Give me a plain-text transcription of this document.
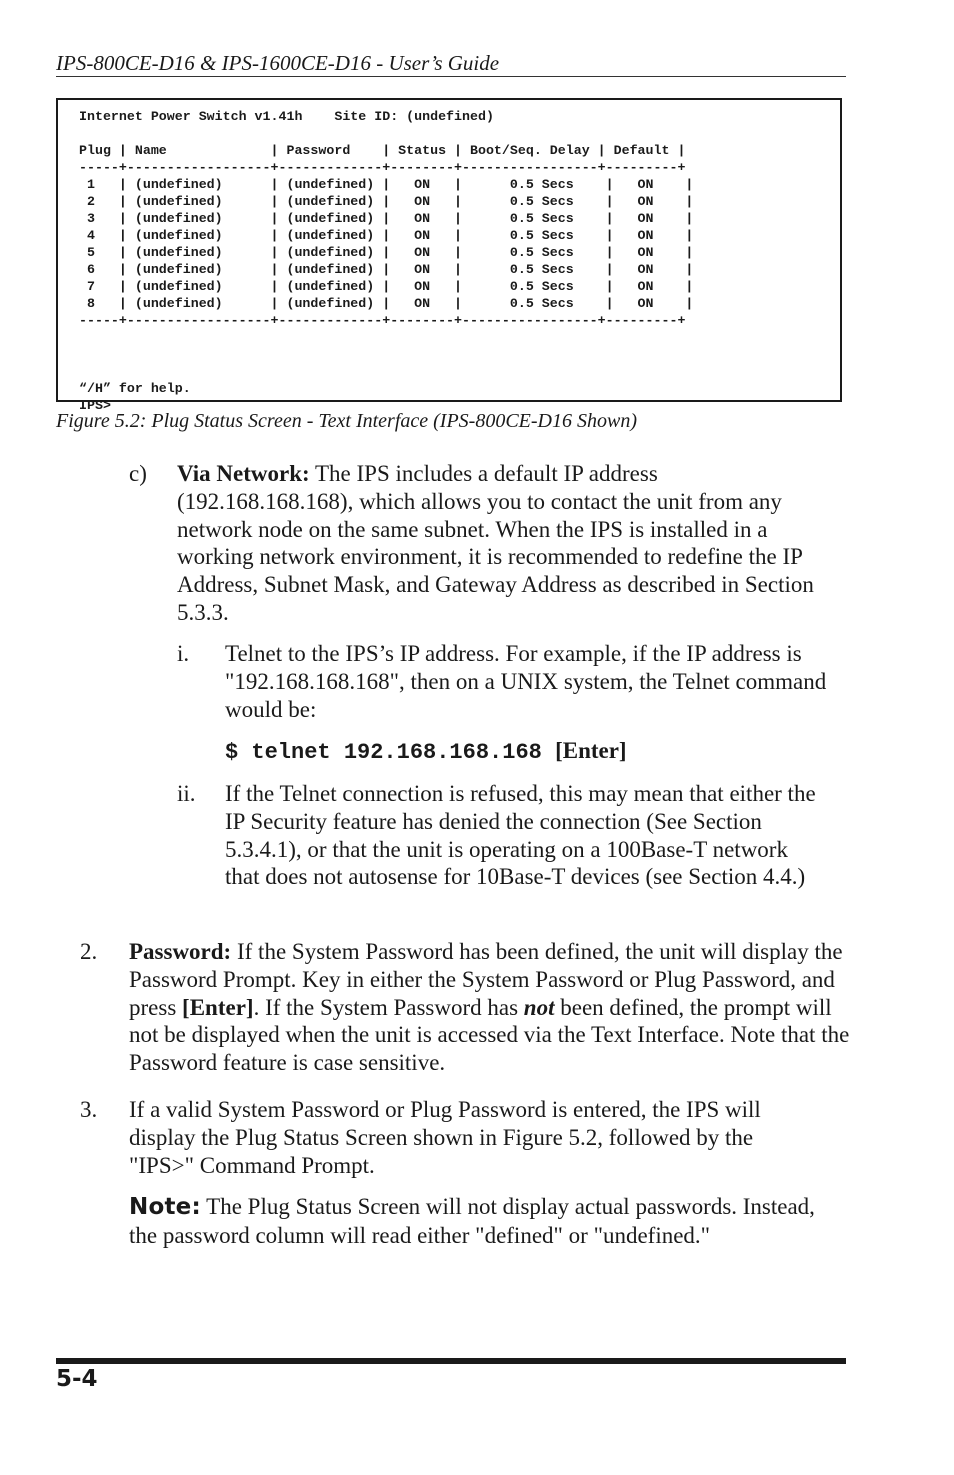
IPS-800CE-D16 & IPS-1600CE-D16 - User’s Guide
Internet Power Switch v1.41h    Site ID: (undefined)

Plug | Name             | Password    | Status | Boot/Seq. Delay | Default |
-----+------------------+-------------+--------+-----------------+---------+
1   | (undefined)      | (undefined) |   ON   |      0.5 Secs    |   ON    |
2   | (undefined)      | (undefined) |   ON   |      0.5 Secs    |   ON    |
3   | (undefined)      | (undefined) |   ON   |      0.5 Secs    |   ON    |
4   | (undefined)      | (undefined) |   ON   |      0.5 Secs    |   ON    |
5   | (undefined)      | (undefined) |   ON   |      0.5 Secs    |   ON    |
6   | (undefined)      | (undefined) |   ON   |      0.5 Secs    |   ON    |
7   | (undefined)      | (undefined) |   ON   |      0.5 Secs    |   ON    |
8   | (undefined)      | (undefined) |   ON   |      0.5 Secs    |   ON    |
-----+------------------+-------------+--------+-----------------+---------+

“/H” for help.
IPS>

Figure 5.2: Plug Status Screen - Text Interface (IPS-800CE-D16 Shown)
c) Via Network: The IPS includes a default IP address (192.168.168.168), which allows you to contact the unit from any network node on the same subnet. When the IPS is installed in a working network environment, it is recommended to redefine the IP Address, Subnet Mask, and Gateway Address as described in Section 5.3.3.
i. Telnet to the IPS’s IP address. For example, if the IP address is "192.168.168.168", then on a UNIX system, the Telnet command would be:
$ telnet 192.168.168.168 [Enter]
ii. If the Telnet connection is refused, this may mean that either the IP Security feature has denied the connection (See Section 5.3.4.1), or that the unit is operating on a 100Base-T network that does not autosense for 10Base-T devices (see Section 4.4.)
2. Password: If the System Password has been defined, the unit will display the Password Prompt. Key in either the System Password or Plug Password, and press [Enter]. If the System Password has not been defined, the prompt will not be displayed when the unit is accessed via the Text Interface. Note that the Password feature is case sensitive.
3. If a valid System Password or Plug Password is entered, the IPS will display the Plug Status Screen shown in Figure 5.2, followed by the "IPS>" Command Prompt.
Note: The Plug Status Screen will not display actual passwords. Instead, the password column will read either "defined" or "undefined."
5-4
